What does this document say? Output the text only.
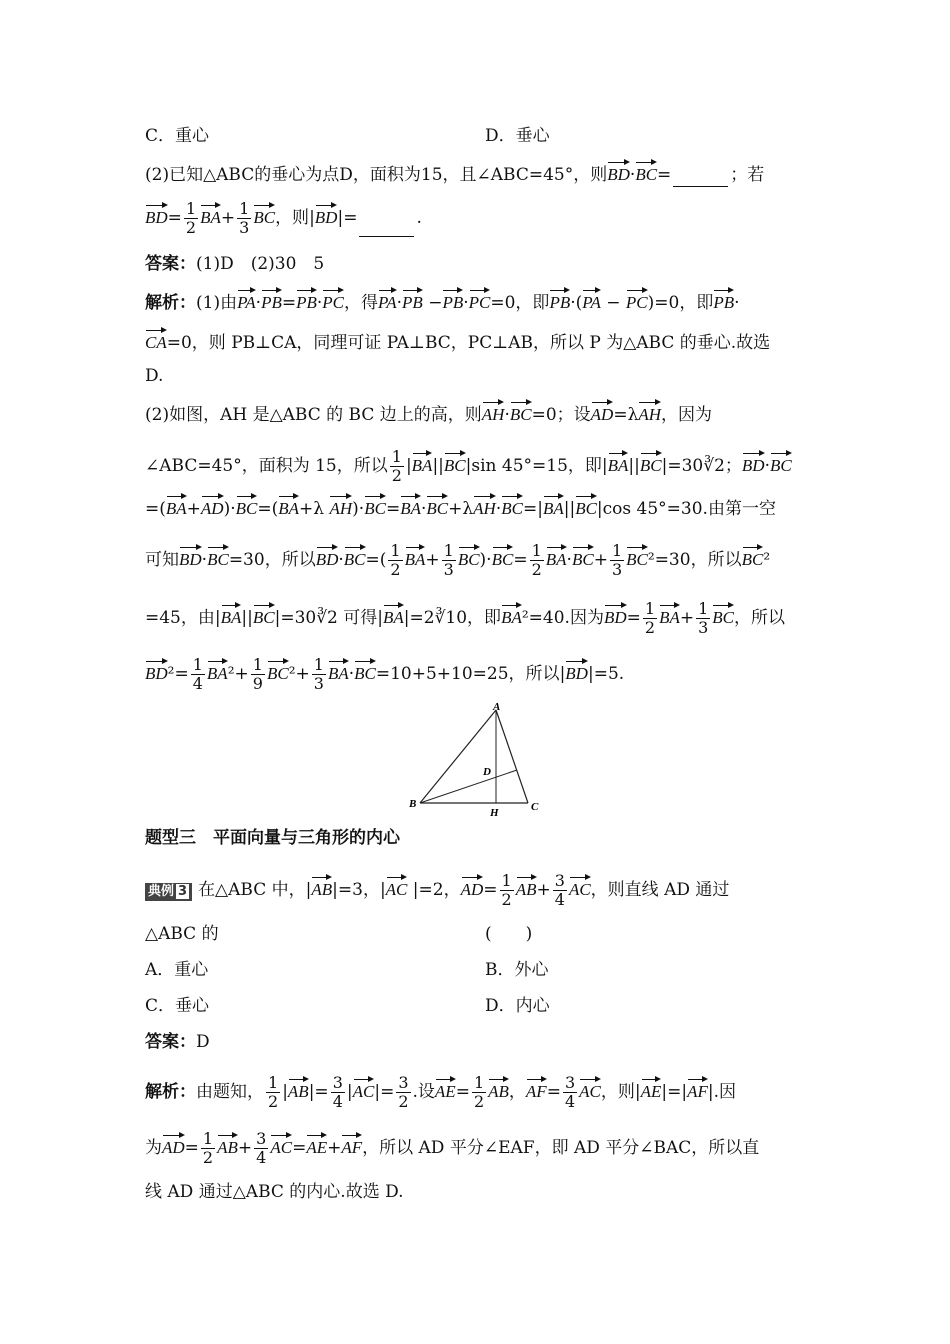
C．重心	D．垂心
(2)已知△ABC的垂心为点D，面积为15，且∠ABC=45°，则BD·BC=	；若
$BD= \frac{1}{2} BA+ \frac{1}{3}$ BC，则|BD|=	.
答案：(1)D　(2)30　5
解析：(1)由PA·PB=PB·PC，得PA·PB −PB·PC=0，即PB·(PA − PC)=0，即PB·
CA=0，则 PB⊥CA，同理可证 PA⊥BC，PC⊥AB，所以 P 为△ABC 的垂心.故选
D.
(2)如图，AH 是△ABC 的 BC 边上的高，则AH·BC=0；设AD=λAH，因为
∠ABC=45°，面积为 15，所以 $\frac{1}{2} |BA||BC|\sin$ 45°=15，即|BA||BC|=30∛2；BD·BC
=(BA+AD)·BC=(BA+λ AH)·BC=BA·BC+λAH·BC=|BA||BC|cos 45°=30.由第一空
可知BD·BC=30，所以$BD\cdot BC=( \frac{1}{2} BA+ \frac{1}{3} BC)\cdot BC= \frac{1}{2} BA\cdot BC+ \frac{1}{3} BC^2=30$，所以BC²
=45，由|BA||BC|=30∛2 可得|BA|=2∛10，即BA²=40.因为$BD= \frac{1}{2} BA+ \frac{1}{3}$ BC，所以
$BD^2= \frac{1}{4} BA^2+ \frac{1}{9} BC^2+ \frac{1}{3} BA\cdot BC=10+5+10=25$，所以|BD|=5.
A
B	C
D
H
题型三　平面向量与三角形的内心
典例 3 在△ABC 中，|AB|=3，|AC |=2，$AD= \frac{1}{2} AB+ \frac{3}{4}$ AC，则直线 AD 通过
△ABC 的	(　　)
A．重心	B．外心
C．垂心	D．内心
答案：D
解析：由题知， $\frac{1}{2} |AB|= \frac{3}{4} |AC|= \frac{3}{2}$ .设$AE= \frac{1}{2}$ AB，$AF= \frac{3}{4}$ AC，则|AE|=|AF|.因
为$AD= \frac{1}{2} AB+ \frac{3}{4} AC=AE+AF$，所以 AD 平分∠EAF，即 AD 平分∠BAC，所以直
线 AD 通过△ABC 的内心.故选 D.
